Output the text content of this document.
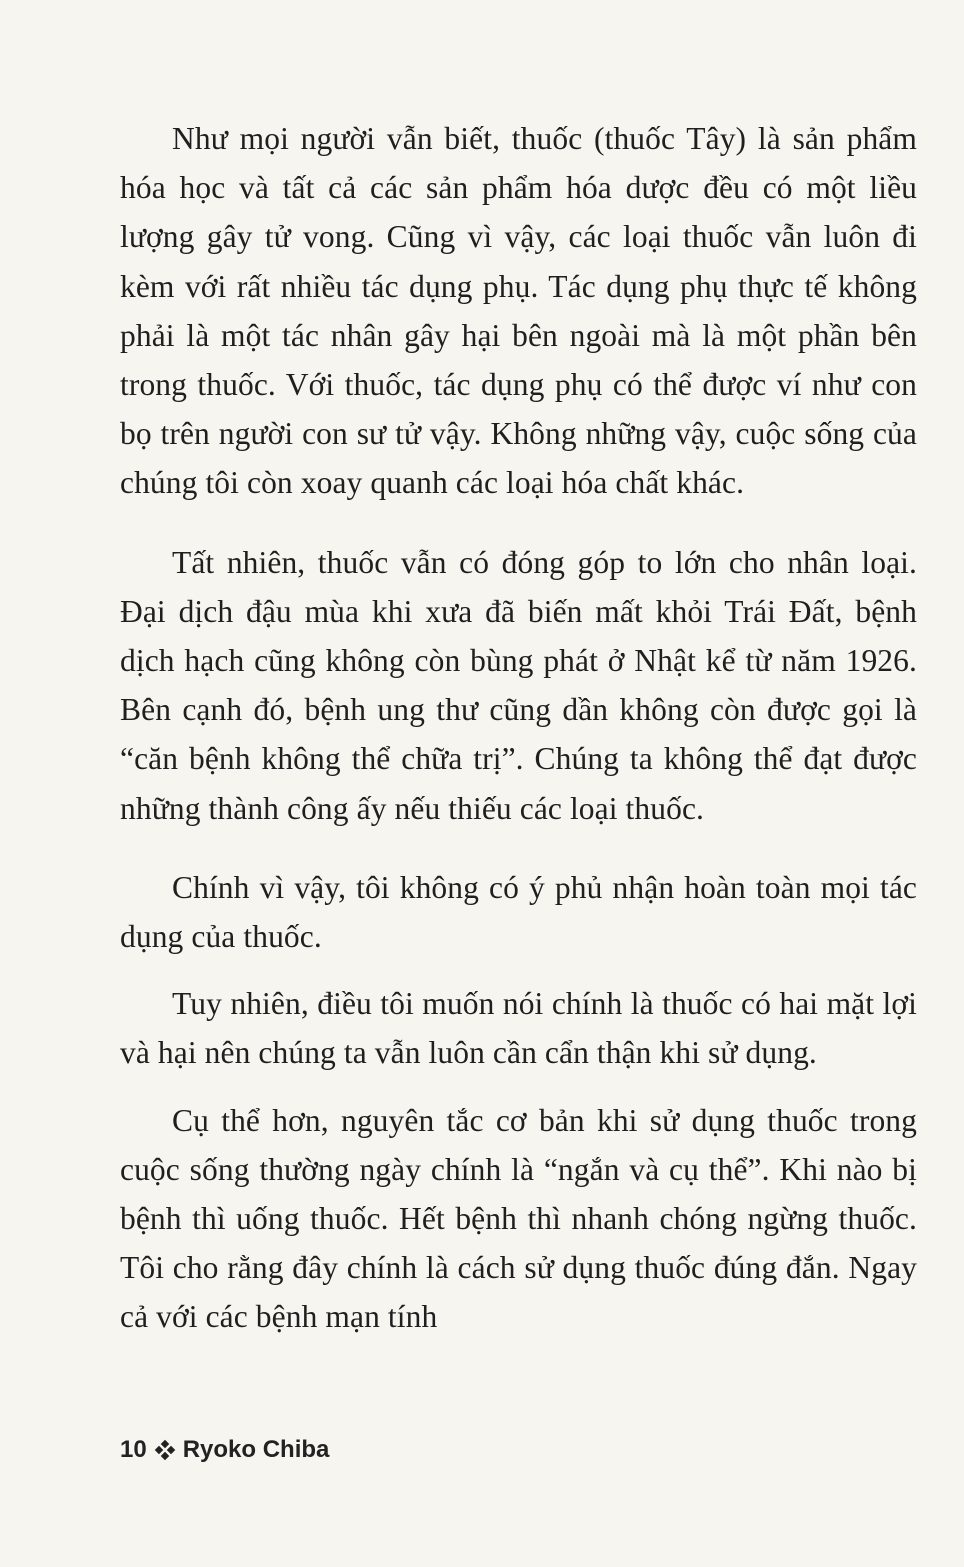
Như mọi người vẫn biết, thuốc (thuốc Tây) là sản phẩm hóa học và tất cả các sản phẩm hóa dược đều có một liều lượng gây tử vong. Cũng vì vậy, các loại thuốc vẫn luôn đi kèm với rất nhiều tác dụng phụ. Tác dụng phụ thực tế không phải là một tác nhân gây hại bên ngoài mà là một phần bên trong thuốc. Với thuốc, tác dụng phụ có thể được ví như con bọ trên người con sư tử vậy. Không những vậy, cuộc sống của chúng tôi còn xoay quanh các loại hóa chất khác.

Tất nhiên, thuốc vẫn có đóng góp to lớn cho nhân loại. Đại dịch đậu mùa khi xưa đã biến mất khỏi Trái Đất, bệnh dịch hạch cũng không còn bùng phát ở Nhật kể từ năm 1926. Bên cạnh đó, bệnh ung thư cũng dần không còn được gọi là “căn bệnh không thể chữa trị”. Chúng ta không thể đạt được những thành công ấy nếu thiếu các loại thuốc.

Chính vì vậy, tôi không có ý phủ nhận hoàn toàn mọi tác dụng của thuốc.

Tuy nhiên, điều tôi muốn nói chính là thuốc có hai mặt lợi và hại nên chúng ta vẫn luôn cần cẩn thận khi sử dụng.

Cụ thể hơn, nguyên tắc cơ bản khi sử dụng thuốc trong cuộc sống thường ngày chính là “ngắn và cụ thể”. Khi nào bị bệnh thì uống thuốc. Hết bệnh thì nhanh chóng ngừng thuốc. Tôi cho rằng đây chính là cách sử dụng thuốc đúng đắn. Ngay cả với các bệnh mạn tính

10 Ryoko Chiba
